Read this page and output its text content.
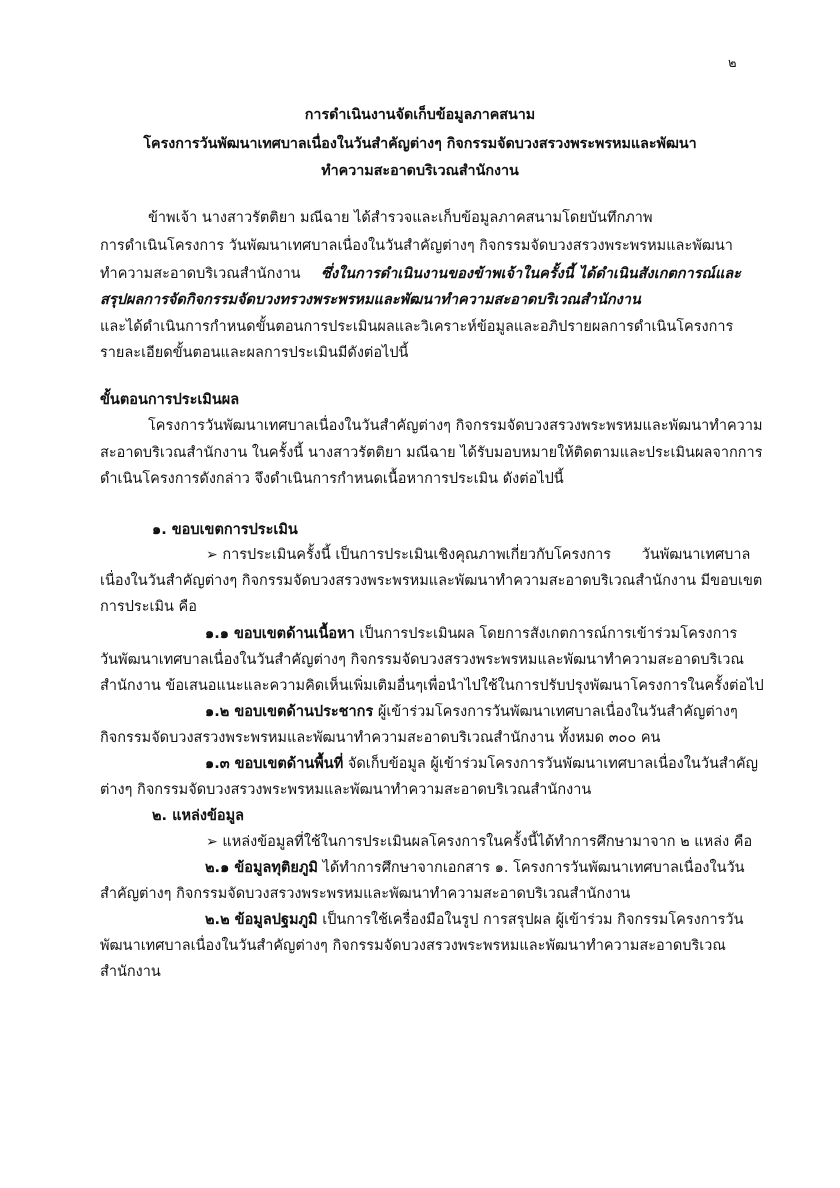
๒
การดำเนินงานจัดเก็บข้อมูลภาคสนาม
โครงการวันพัฒนาเทศบาลเนื่องในวันสำคัญต่างๆ กิจกรรมจัดบวงสรวงพระพรหมและพัฒนา
ทำความสะอาดบริเวณสำนักงาน
ข้าพเจ้า นางสาวรัตติยา มณีฉาย ได้สำรวจและเก็บข้อมูลภาคสนามโดยบันทึกภาพ
การดำเนินโครงการ วันพัฒนาเทศบาลเนื่องในวันสำคัญต่างๆ กิจกรรมจัดบวงสรวงพระพรหมและพัฒนา
ทำความสะอาดบริเวณสำนักงาน ซึ่งในการดำเนินงานของข้าพเจ้าในครั้งนี้ ได้ดำเนินสังเกตการณ์และ
สรุปผลการจัดกิจกรรมจัดบวงทรวงพระพรหมและพัฒนาทำความสะอาดบริเวณสำนักงาน
และได้ดำเนินการกำหนดขั้นตอนการประเมินผลและวิเคราะห์ข้อมูลและอภิปรายผลการดำเนินโครงการ
รายละเอียดขั้นตอนและผลการประเมินมีดังต่อไปนี้
ขั้นตอนการประเมินผล
โครงการวันพัฒนาเทศบาลเนื่องในวันสำคัญต่างๆ กิจกรรมจัดบวงสรวงพระพรหมและพัฒนาทำความ
สะอาดบริเวณสำนักงาน ในครั้งนี้ นางสาวรัตติยา มณีฉาย ได้รับมอบหมายให้ติดตามและประเมินผลจากการ
ดำเนินโครงการดังกล่าว จึงดำเนินการกำหนดเนื้อหาการประเมิน ดังต่อไปนี้
๑. ขอบเขตการประเมิน
➢ การประเมินครั้งนี้ เป็นการประเมินเชิงคุณภาพเกี่ยวกับโครงการ วันพัฒนาเทศบาล
เนื่องในวันสำคัญต่างๆ กิจกรรมจัดบวงสรวงพระพรหมและพัฒนาทำความสะอาดบริเวณสำนักงาน มีขอบเขต
การประเมิน คือ
๑.๑ ขอบเขตด้านเนื้อหา เป็นการประเมินผล โดยการสังเกตการณ์การเข้าร่วมโครงการ
วันพัฒนาเทศบาลเนื่องในวันสำคัญต่างๆ กิจกรรมจัดบวงสรวงพระพรหมและพัฒนาทำความสะอาดบริเวณ
สำนักงาน ข้อเสนอแนะและความคิดเห็นเพิ่มเติมอื่นๆเพื่อนำไปใช้ในการปรับปรุงพัฒนาโครงการในครั้งต่อไป
๑.๒ ขอบเขตด้านประชากร ผู้เข้าร่วมโครงการวันพัฒนาเทศบาลเนื่องในวันสำคัญต่างๆ
กิจกรรมจัดบวงสรวงพระพรหมและพัฒนาทำความสะอาดบริเวณสำนักงาน ทั้งหมด ๓๐๐ คน
๑.๓ ขอบเขตด้านพื้นที่ จัดเก็บข้อมูล ผู้เข้าร่วมโครงการวันพัฒนาเทศบาลเนื่องในวันสำคัญ
ต่างๆ กิจกรรมจัดบวงสรวงพระพรหมและพัฒนาทำความสะอาดบริเวณสำนักงาน
๒. แหล่งข้อมูล
➢ แหล่งข้อมูลที่ใช้ในการประเมินผลโครงการในครั้งนี้ได้ทำการศึกษามาจาก ๒ แหล่ง คือ
๒.๑ ข้อมูลทุติยภูมิ ได้ทำการศึกษาจากเอกสาร ๑. โครงการวันพัฒนาเทศบาลเนื่องในวัน
สำคัญต่างๆ กิจกรรมจัดบวงสรวงพระพรหมและพัฒนาทำความสะอาดบริเวณสำนักงาน
๒.๒ ข้อมูลปฐมภูมิ เป็นการใช้เครื่องมือในรูป การสรุปผล ผู้เข้าร่วม กิจกรรมโครงการวัน
พัฒนาเทศบาลเนื่องในวันสำคัญต่างๆ กิจกรรมจัดบวงสรวงพระพรหมและพัฒนาทำความสะอาดบริเวณ
สำนักงาน
